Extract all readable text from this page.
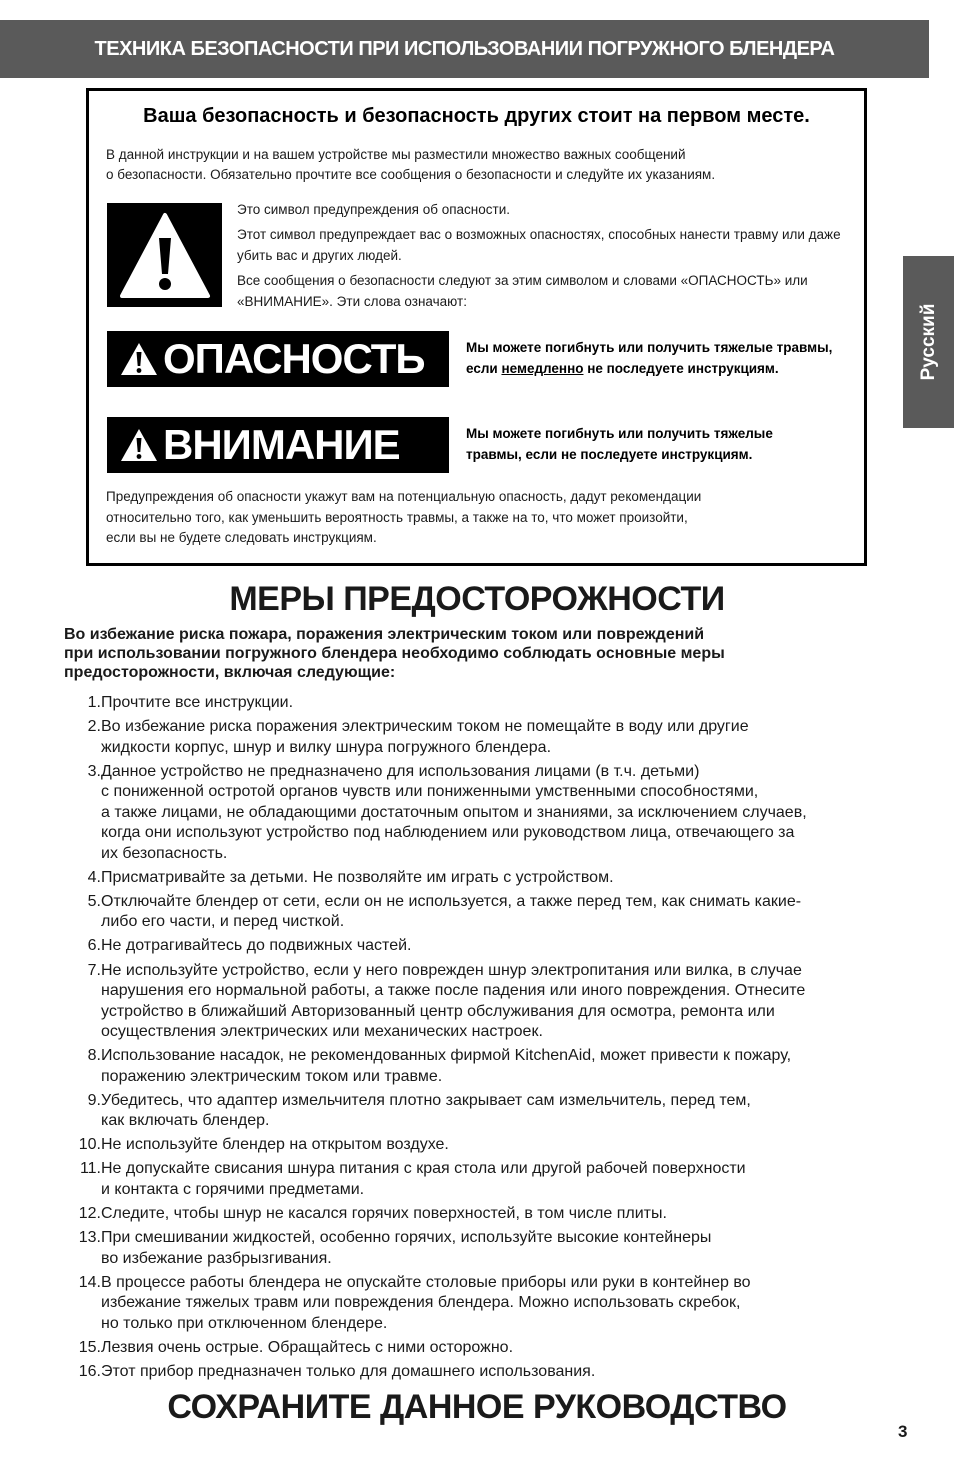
ТЕХНИКА БЕЗОПАСНОСТИ ПРИ ИСПОЛЬЗОВАНИИ ПОГРУЖНОГО БЛЕНДЕРА
Русский
Ваша безопасность и безопасность других стоит на первом месте.
В данной инструкции и на вашем устройстве мы разместили множество важных сообщений
о безопасности. Обязательно прочтите все сообщения о безопасности и следуйте их указаниям.

Это символ предупреждения об опасности.

Этот символ предупреждает вас о возможных опасностях, способных нанести травму или даже убить вас и других людей.

Все сообщения о безопасности следуют за этим символом и словами «ОПАСНОСТЬ» или «ВНИМАНИЕ». Эти слова означают:

ОПАСНОСТЬ	Мы можете погибнуть или получить тяжелые травмы,
если немедленно не последуете инструкциям.
ВНИМАНИЕ	Мы можете погибнуть или получить тяжелые
травмы, если не последуете инструкциям.
Предупреждения об опасности укажут вам на потенциальную опасность, дадут рекомендации
относительно того, как уменьшить вероятность травмы, а также на то, что может произойти,
если вы не будете следовать инструкциям.
МЕРЫ ПРЕДОСТОРОЖНОСТИ
Во избежание риска пожара, поражения электрическим током или повреждений
при использовании погружного блендера необходимо соблюдать основные меры
предосторожности, включая следующие:
1. Прочтите все инструкции.
2. Во избежание риска поражения электрическим током не помещайте в воду или другие
жидкости корпус, шнур и вилку шнура погружного блендера.
3. Данное устройство не предназначено для использования лицами (в т.ч. детьми)
с пониженной остротой органов чувств или пониженными умственными способностями,
а также лицами, не обладающими достаточным опытом и знаниями, за исключением случаев,
когда они используют устройство под наблюдением или руководством лица, отвечающего за
их безопасность.
4. Присматривайте за детьми. Не позволяйте им играть с устройством.
5. Отключайте блендер от сети, если он не используется, а также перед тем, как снимать какие-
либо его части, и перед чисткой.
6. Не дотрагивайтесь до подвижных частей.
7. Не используйте устройство, если у него поврежден шнур электропитания или вилка, в случае
нарушения его нормальной работы, а также после падения или иного повреждения. Отнесите
устройство в ближайший Авторизованный центр обслуживания для осмотра, ремонта или
осуществления электрических или механических настроек.
8. Использование насадок, не рекомендованных фирмой KitchenAid, может привести к пожару,
поражению электрическим током или травме.
9. Убедитесь, что адаптер измельчителя плотно закрывает сам измельчитель, перед тем,
как включать блендер.
10. Не используйте блендер на открытом воздухе.
11. Не допускайте свисания шнура питания с края стола или другой рабочей поверхности
и контакта с горячими предметами.
12. Следите, чтобы шнур не касался горячих поверхностей, в том числе плиты.
13. При смешивании жидкостей, особенно горячих, используйте высокие контейнеры
во избежание разбрызгивания.
14. В процессе работы блендера не опускайте столовые приборы или руки в контейнер во
избежание тяжелых травм или повреждения блендера. Можно использовать скребок,
но только при отключенном блендере.
15. Лезвия очень острые. Обращайтесь с ними осторожно.
16. Этот прибор предназначен только для домашнего использования.
СОХРАНИТЕ ДАННОЕ РУКОВОДСТВО
3
